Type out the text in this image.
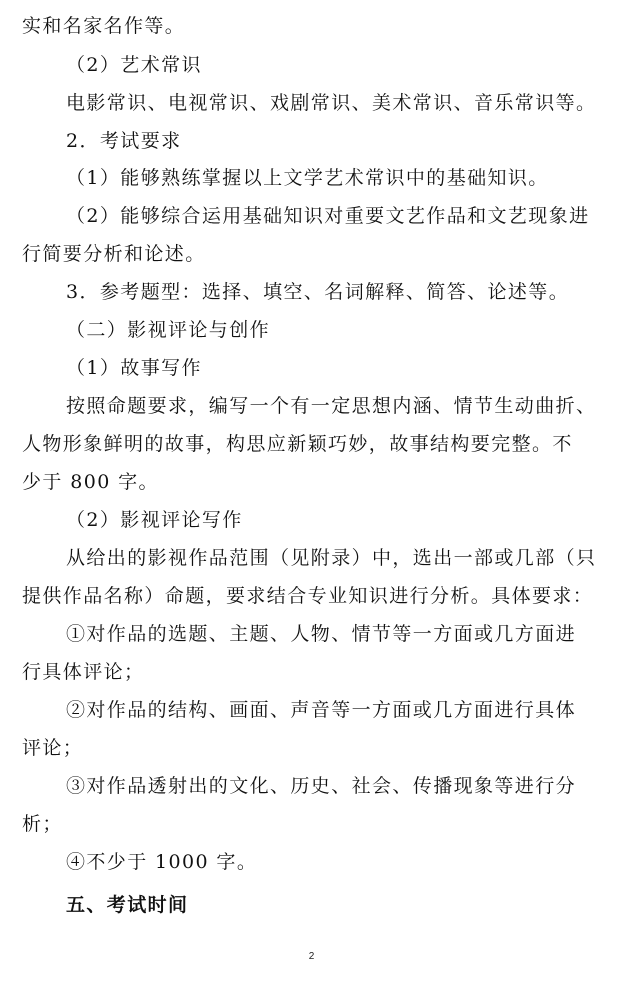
实和名家名作等。
（2）艺术常识
电影常识、电视常识、戏剧常识、美术常识、音乐常识等。
2．考试要求
（1）能够熟练掌握以上文学艺术常识中的基础知识。
（2）能够综合运用基础知识对重要文艺作品和文艺现象进
行简要分析和论述。
3．参考题型：选择、填空、名词解释、简答、论述等。
（二）影视评论与创作
（1）故事写作
按照命题要求，编写一个有一定思想内涵、情节生动曲折、
人物形象鲜明的故事，构思应新颖巧妙，故事结构要完整。不
少于 800 字。
（2）影视评论写作
从给出的影视作品范围（见附录）中，选出一部或几部（只
提供作品名称）命题，要求结合专业知识进行分析。具体要求：
①对作品的选题、主题、人物、情节等一方面或几方面进
行具体评论；
②对作品的结构、画面、声音等一方面或几方面进行具体
评论；
③对作品透射出的文化、历史、社会、传播现象等进行分
析；
④不少于 1000 字。
五、考试时间
2
